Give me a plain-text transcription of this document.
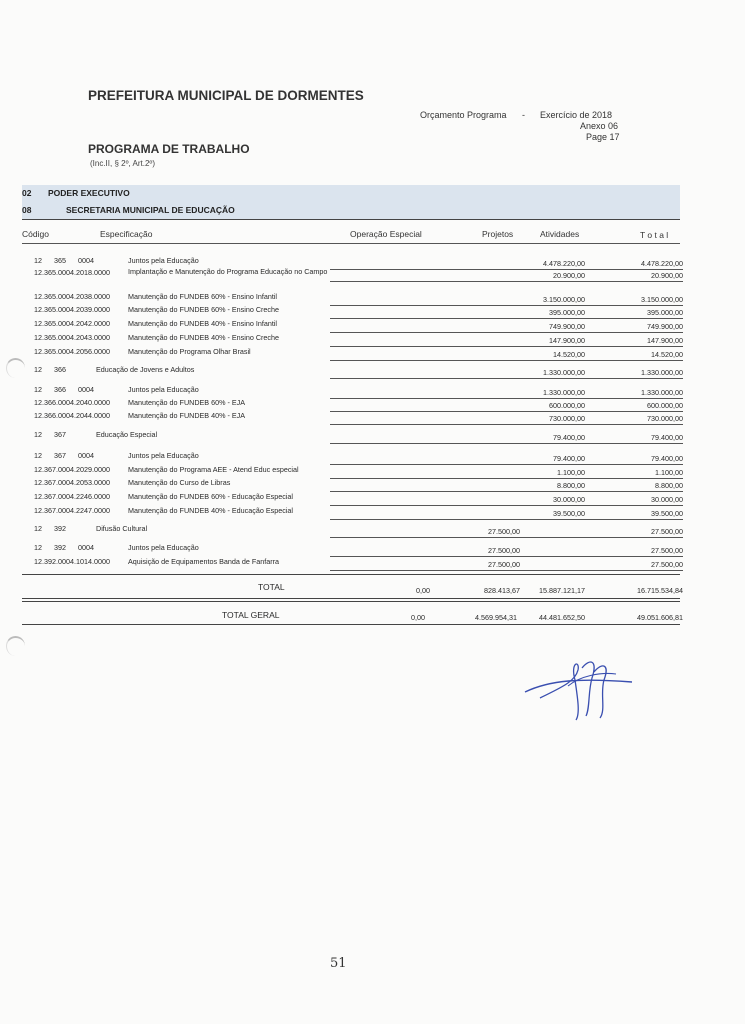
PREFEITURA MUNICIPAL DE DORMENTES
Orçamento Programa - Exercício de 2018
Anexo 06
Page 17
PROGRAMA DE TRABALHO
(Inc.II, § 2º, Art.2º)
02 PODER EXECUTIVO
08	SECRETARIA MUNICIPAL DE EDUCAÇÃO
Código	Especificação	Operação Especial	Projetos	Atividades	T o t a l
12      365      0004	Juntos pela Educação	4.478.220,00	4.478.220,00
12.365.0004.2018.0000	Implantação e Manutenção do Programa Educação no Campo	20.900,00	20.900,00
12.365.0004.2038.0000	Manutenção do FUNDEB 60% - Ensino Infantil	3.150.000,00	3.150.000,00
12.365.0004.2039.0000	Manutenção do FUNDEB 60% - Ensino Creche	395.000,00	395.000,00
12.365.0004.2042.0000	Manutenção do FUNDEB 40% - Ensino Infantil	749.900,00	749.900,00
12.365.0004.2043.0000	Manutenção do FUNDEB 40% - Ensino Creche	147.900,00	147.900,00
12.365.0004.2056.0000	Manutenção do Programa Olhar Brasil	14.520,00	14.520,00
12      366	Educação de Jovens e Adultos	1.330.000,00	1.330.000,00
12      366      0004	Juntos pela Educação	1.330.000,00	1.330.000,00
12.366.0004.2040.0000	Manutenção do FUNDEB 60% - EJA	600.000,00	600.000,00
12.366.0004.2044.0000	Manutenção do FUNDEB 40% - EJA	730.000,00	730.000,00
12      367	Educação Especial	79.400,00	79.400,00
12      367      0004	Juntos pela Educação	79.400,00	79.400,00
12.367.0004.2029.0000	Manutenção do Programa AEE - Atend Educ especial	1.100,00	1.100,00
12.367.0004.2053.0000	Manutenção do Curso de Libras	8.800,00	8.800,00
12.367.0004.2246.0000	Manutenção do FUNDEB 60% - Educação Especial	30.000,00	30.000,00
12.367.0004.2247.0000	Manutenção do FUNDEB 40% - Educação Especial	39.500,00	39.500,00
12      392	Difusão Cultural	27.500,00	27.500,00
12      392      0004	Juntos pela Educação	27.500,00	27.500,00
12.392.0004.1014.0000	Aquisição de Equipamentos Banda de Fanfarra	27.500,00	27.500,00
TOTAL	0,00	828.413,67	15.887.121,17	16.715.534,84
TOTAL GERAL	0,00	4.569.954,31	44.481.652,50	49.051.606,81
51
